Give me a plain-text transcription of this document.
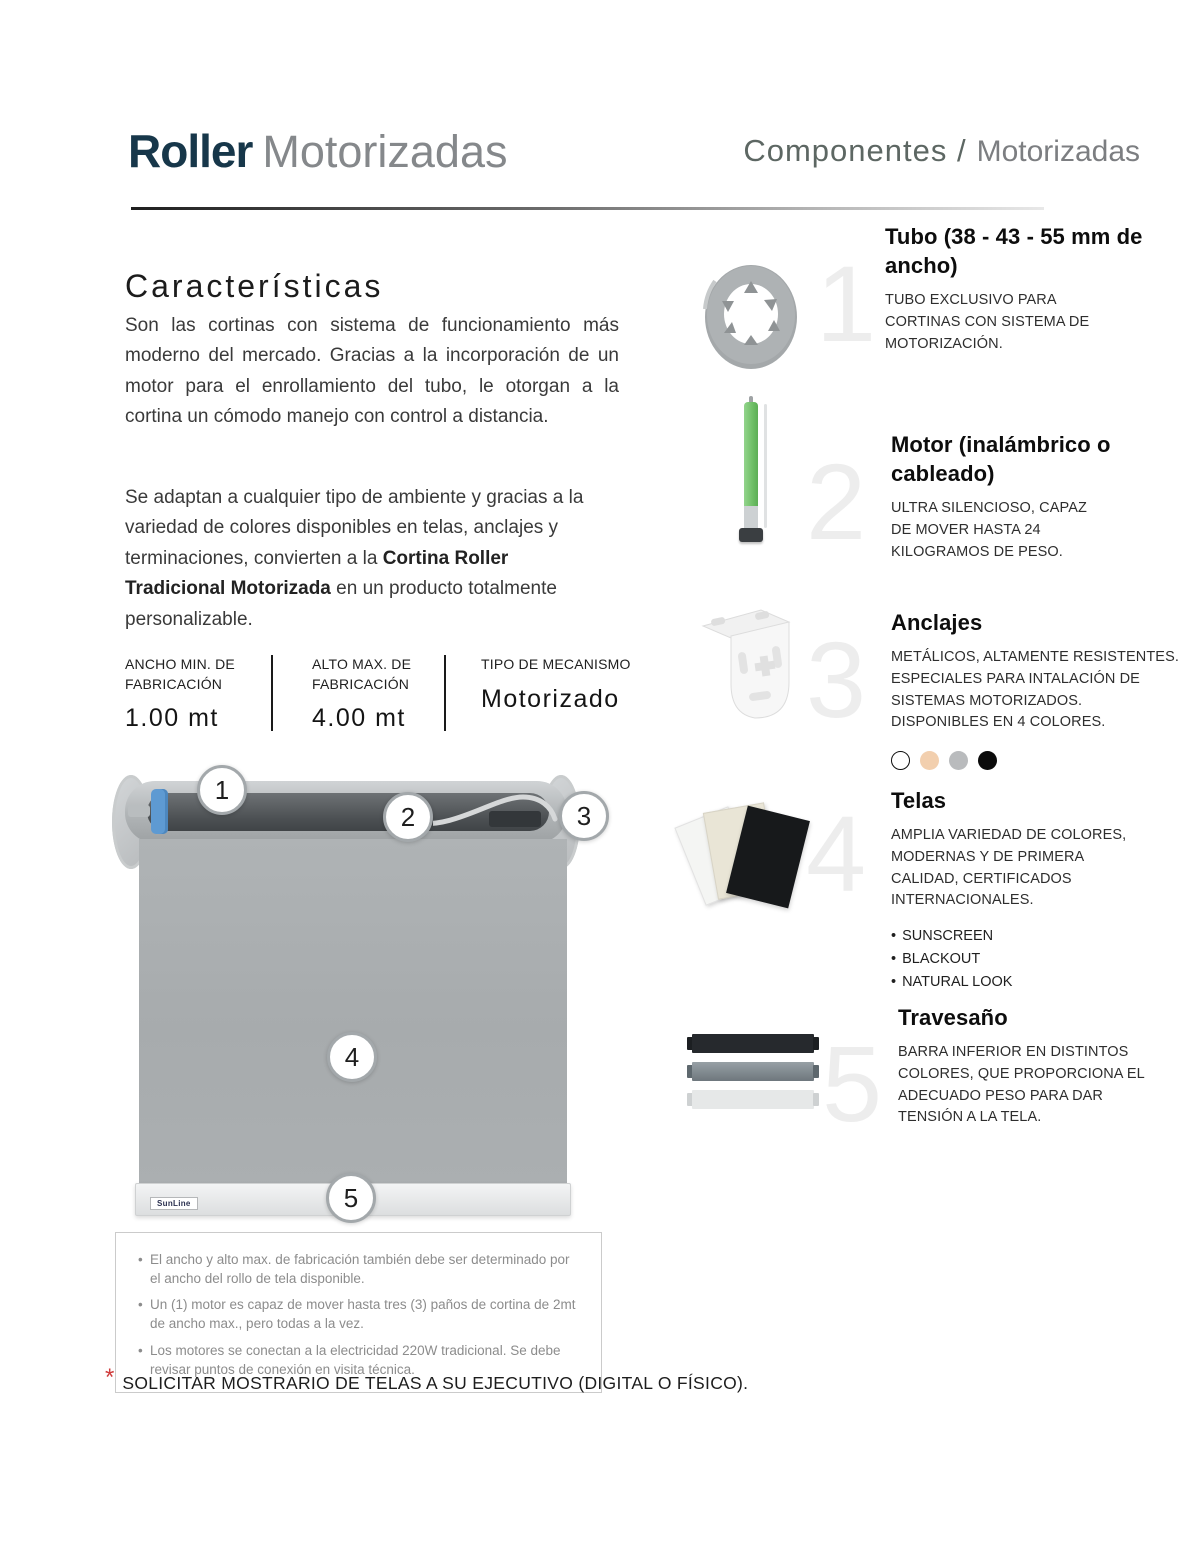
Roller Motorizadas	Componentes / Motorizadas
Características

Son las cortinas con sistema de funcionamiento más moderno del mercado. Gracias a la incorporación de un motor para el enrollamiento del tubo, le otorgan a la cortina un cómodo manejo con control a distancia.

Se adaptan a cualquier tipo de ambiente y gracias a la variedad de colores disponibles en telas, anclajes y terminaciones, convierten a la Cortina Roller Tradicional Motorizada en un producto totalmente personalizable.

ANCHO MIN. DE FABRICACIÓN
1.00 mt
ALTO MAX. DE FABRICACIÓN
4.00 mt
TIPO DE MECANISMO
Motorizado
SunLine
1
2	3
4
5
• El ancho y alto max. de fabricación también debe ser determinado por el ancho del rollo de tela disponible.
• Un (1) motor es capaz de mover hasta tres (3) paños de cortina de 2mt de ancho max., pero todas a la vez.
• Los motores se conectan a la electricidad 220W tradicional. Se debe revisar puntos de conexión en visita técnica.
* SOLICITAR MOSTRARIO DE TELAS A SU EJECUTIVO (DIGITAL O FÍSICO).
1
Tubo (38 - 43 - 55 mm de ancho)
TUBO EXCLUSIVO PARA CORTINAS CON SISTEMA DE MOTORIZACIÓN.
2 Motor (inalámbrico o cableado)
ULTRA SILENCIOSO, CAPAZ DE MOVER HASTA 24 KILOGRAMOS DE PESO.
3 Anclajes
METÁLICOS, ALTAMENTE RESISTENTES. ESPECIALES PARA INTALACIÓN DE SISTEMAS MOTORIZADOS. DISPONIBLES EN 4 COLORES.
4 Telas
AMPLIA VARIEDAD DE COLORES, MODERNAS Y DE PRIMERA CALIDAD, CERTIFICADOS INTERNACIONALES.
• SUNSCREEN
• BLACKOUT
• NATURAL LOOK
5
Travesaño
BARRA INFERIOR EN DISTINTOS COLORES, QUE PROPORCIONA EL ADECUADO PESO PARA DAR TENSIÓN A LA TELA.
